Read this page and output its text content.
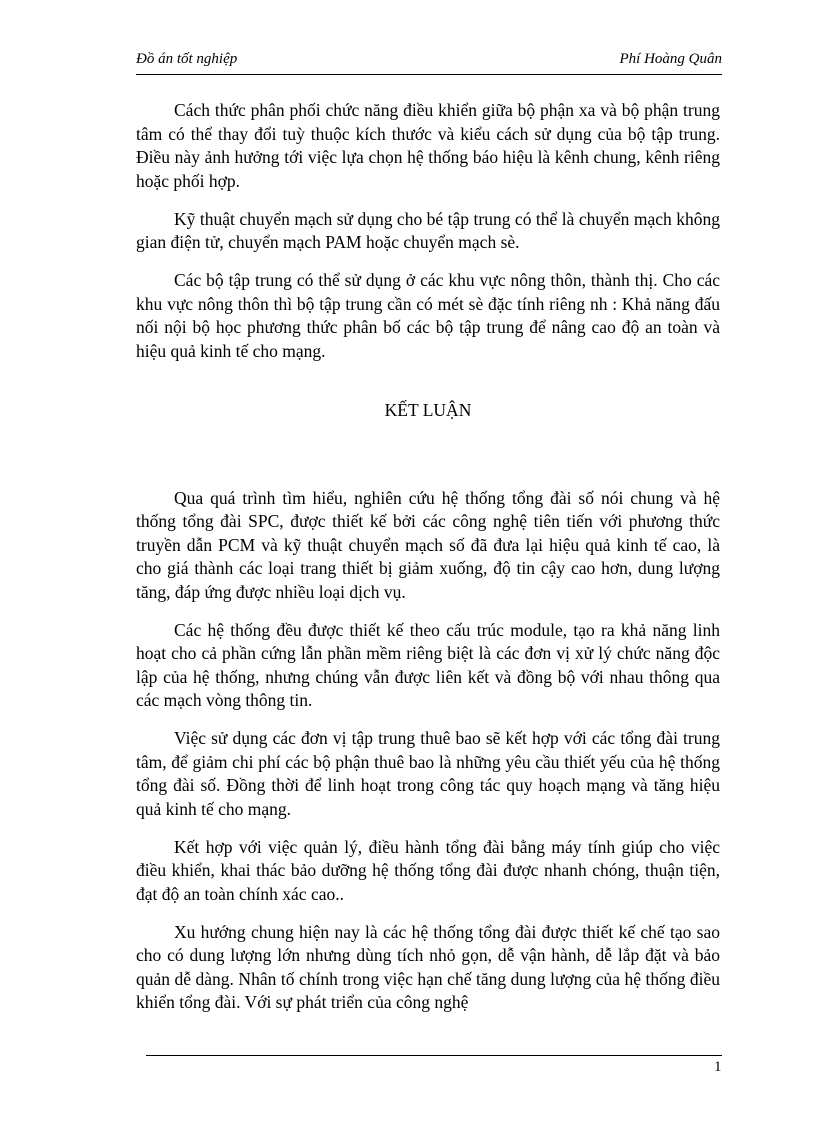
Đồ án tốt nghiệp	Phí Hoàng Quân

Cách thức phân phối chức năng điều khiển giữa bộ phận xa và bộ phận trung tâm có thể thay đổi tuỳ thuộc kích thước và kiểu cách sử dụng của bộ tập trung. Điều này ảnh hưởng tới việc lựa chọn hệ thống báo hiệu là kênh chung, kênh riêng hoặc phối hợp.

Kỹ thuật chuyển mạch sử dụng cho bé tập trung có thể là chuyển mạch không gian điện tử, chuyển mạch PAM hoặc chuyển mạch sè.

Các bộ tập trung có thể sử dụng ở các khu vực nông thôn, thành thị. Cho các khu vực nông thôn thì bộ tập trung cần có mét sè đặc tính riêng nh : Khả năng đấu nối nội bộ học phương thức phân bố các bộ tập trung để nâng cao độ an toàn và hiệu quả kinh tế cho mạng.

KẾT LUẬN

Qua quá trình tìm hiểu, nghiên cứu hệ thống tổng đài số nói chung và hệ thống tổng đài SPC, được thiết kế bởi các công nghệ tiên tiến với phương thức truyền dẫn PCM và kỹ thuật chuyển mạch số đã đưa lại hiệu quả kinh tế cao, là cho giá thành các loại trang thiết bị giảm xuống, độ tin cậy cao hơn, dung lượng tăng, đáp ứng được nhiều loại dịch vụ.

Các hệ thống đều được thiết kế theo cấu trúc module, tạo ra khả năng linh hoạt cho cả phần cứng lẫn phần mềm riêng biệt là các đơn vị xử lý chức năng độc lập của hệ thống, nhưng chúng vẫn được liên kết và đồng bộ với nhau thông qua các mạch vòng thông tin.

Việc sử dụng các đơn vị tập trung thuê bao sẽ kết hợp với các tổng đài trung tâm, để giảm chi phí các bộ phận thuê bao là những yêu cầu thiết yếu của hệ thống tổng đài số. Đồng thời để linh hoạt trong công tác quy hoạch mạng và tăng hiệu quả kinh tế cho mạng.

Kết hợp với việc quản lý, điều hành tổng đài bằng máy tính giúp cho việc điều khiển, khai thác bảo dưỡng hệ thống tổng đài được nhanh chóng, thuận tiện, đạt độ an toàn chính xác cao..

Xu hướng chung hiện nay là các hệ thống tổng đài được thiết kế chế tạo sao cho có dung lượng lớn nhưng dùng tích nhỏ gọn, dễ vận hành, dễ lắp đặt và bảo quản dễ dàng. Nhân tố chính trong việc hạn chế tăng dung lượng của hệ thống điều khiển tổng đài. Với sự phát triển của công nghệ

1
